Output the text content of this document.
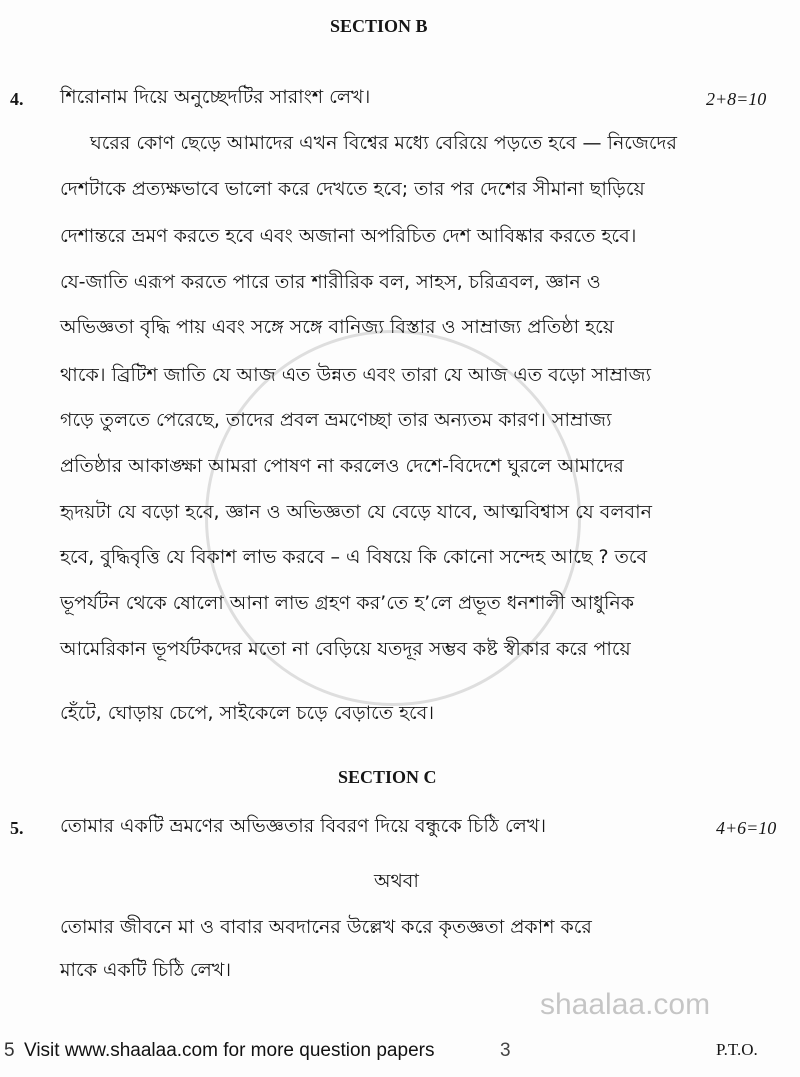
SECTION B
4. শিরোনাম দিয়ে অনুচ্ছেদটির সারাংশ লেখ।	2+8=10
ঘরের কোণ ছেড়ে আমাদের এখন বিশ্বের মধ্যে বেরিয়ে পড়তে হবে — নিজেদের
দেশটাকে প্রত্যক্ষভাবে ভালো করে দেখতে হবে; তার পর দেশের সীমানা ছাড়িয়ে
দেশান্তরে ভ্রমণ করতে হবে এবং অজানা অপরিচিত দেশ আবিষ্কার করতে হবে।
যে-জাতি এরূপ করতে পারে তার শারীরিক বল, সাহস, চরিত্রবল, জ্ঞান ও
অভিজ্ঞতা বৃদ্ধি পায় এবং সঙ্গে সঙ্গে বানিজ্য বিস্তার ও সাম্রাজ্য প্রতিষ্ঠা হয়ে
থাকে। ব্রিটিশ জাতি যে আজ এত উন্নত এবং তারা যে আজ এত বড়ো সাম্রাজ্য
গড়ে তুলতে পেরেছে, তাদের প্রবল ভ্রমণেচ্ছা তার অন্যতম কারণ। সাম্রাজ্য
প্রতিষ্ঠার আকাঙ্ক্ষা আমরা পোষণ না করলেও দেশে-বিদেশে ঘুরলে আমাদের
হৃদয়টা যে বড়ো হবে, জ্ঞান ও অভিজ্ঞতা যে বেড়ে যাবে, আত্মবিশ্বাস যে বলবান
হবে, বুদ্ধিবৃত্তি যে বিকাশ লাভ করবে – এ বিষয়ে কি কোনো সন্দেহ আছে ? তবে
ভূপর্যটন থেকে ষোলো আনা লাভ গ্রহণ কর’তে হ’লে প্রভূত ধনশালী আধুনিক
আমেরিকান ভূপর্যটকদের মতো না বেড়িয়ে যতদূর সম্ভব কষ্ট স্বীকার করে পায়ে
হেঁটে, ঘোড়ায় চেপে, সাইকেলে চড়ে বেড়াতে হবে।
SECTION C
5. তোমার একটি ভ্রমণের অভিজ্ঞতার বিবরণ দিয়ে বন্ধুকে চিঠি লেখ।	4+6=10
অথবা
তোমার জীবনে মা ও বাবার অবদানের উল্লেখ করে কৃতজ্ঞতা প্রকাশ করে
মাকে একটি চিঠি লেখ।
shaalaa.com
5 Visit www.shaalaa.com for more question papers	3	P.T.O.
